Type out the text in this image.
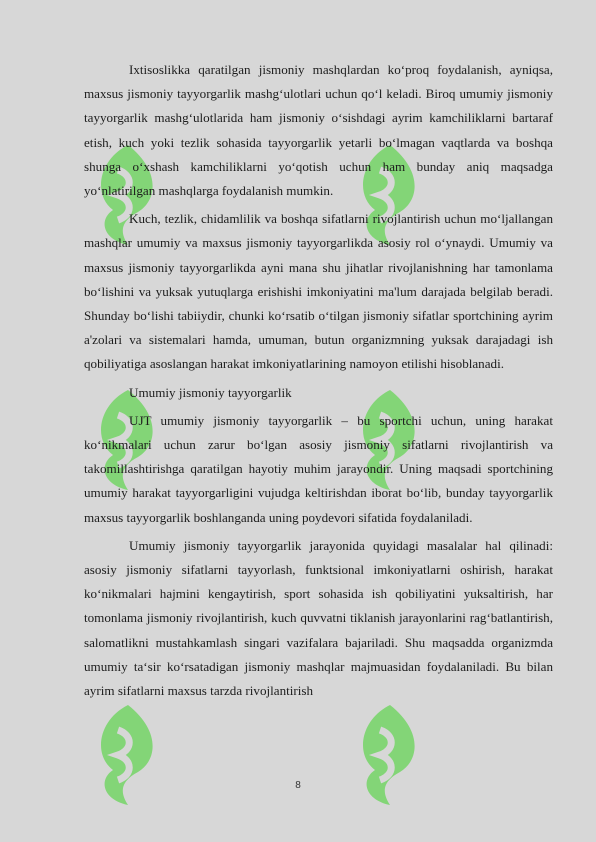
Ixtisoslikka qaratilgan jismoniy mashqlardan ko‘proq foydalanish, ayniqsa, maxsus jismoniy tayyorgarlik mashg‘ulotlari uchun qo‘l keladi. Biroq umumiy jismoniy tayyorgarlik mashg‘ulotlarida ham jismoniy o‘sishdagi ayrim kamchiliklarni bartaraf etish, kuch yoki tezlik sohasida tayyorgarlik yetarli bo‘lmagan vaqtlarda va boshqa shunga o‘xshash kamchiliklarni yo‘qotish uchun ham bunday aniq maqsadga yo‘nlatirilgan mashqlarga foydalanish mumkin.

Kuch, tezlik, chidamlilik va boshqa sifatlarni rivojlantirish uchun mo‘ljallangan mashqlar umumiy va maxsus jismoniy tayyorgarlikda asosiy rol o‘ynaydi. Umumiy va maxsus jismoniy tayyorgarlikda ayni mana shu jihatlar rivojlanishning har tamonlama bo‘lishini va yuksak yutuqlarga erishishi imkoniyatini ma'lum darajada belgilab beradi. Shunday bo‘lishi tabiiydir, chunki ko‘rsatib o‘tilgan jismoniy sifatlar sportchining ayrim a'zolari va sistemalari hamda, umuman, butun organizmning yuksak darajadagi ish qobiliyatiga asoslangan harakat imkoniyatlarining namoyon etilishi hisoblanadi.

Umumiy jismoniy tayyorgarlik

UJT umumiy jismoniy tayyorgarlik – bu sportchi uchun, uning harakat ko‘nikmalari uchun zarur bo‘lgan asosiy jismoniy sifatlarni rivojlantirish va takomillashtirishga qaratilgan hayotiy muhim jarayondir. Uning maqsadi sportchining umumiy harakat tayyorgarligini vujudga keltirishdan iborat bo‘lib, bunday tayyorgarlik maxsus tayyorgarlik boshlanganda uning poydevori sifatida foydalaniladi.

Umumiy jismoniy tayyorgarlik jarayonida quyidagi masalalar hal qilinadi: asosiy jismoniy sifatlarni tayyorlash, funktsional imkoniyatlarni oshirish, harakat ko‘nikmalari hajmini kengaytirish, sport sohasida ish qobiliyatini yuksaltirish, har tomonlama jismoniy rivojlantirish, kuch quvvatni tiklanish jarayonlarini rag‘batlantirish, salomatlikni mustahkamlash singari vazifalara bajariladi. Shu maqsadda organizmda umumiy ta‘sir ko‘rsatadigan jismoniy mashqlar majmuasidan foydalaniladi. Bu bilan ayrim sifatlarni maxsus tarzda rivojlantirish

8
